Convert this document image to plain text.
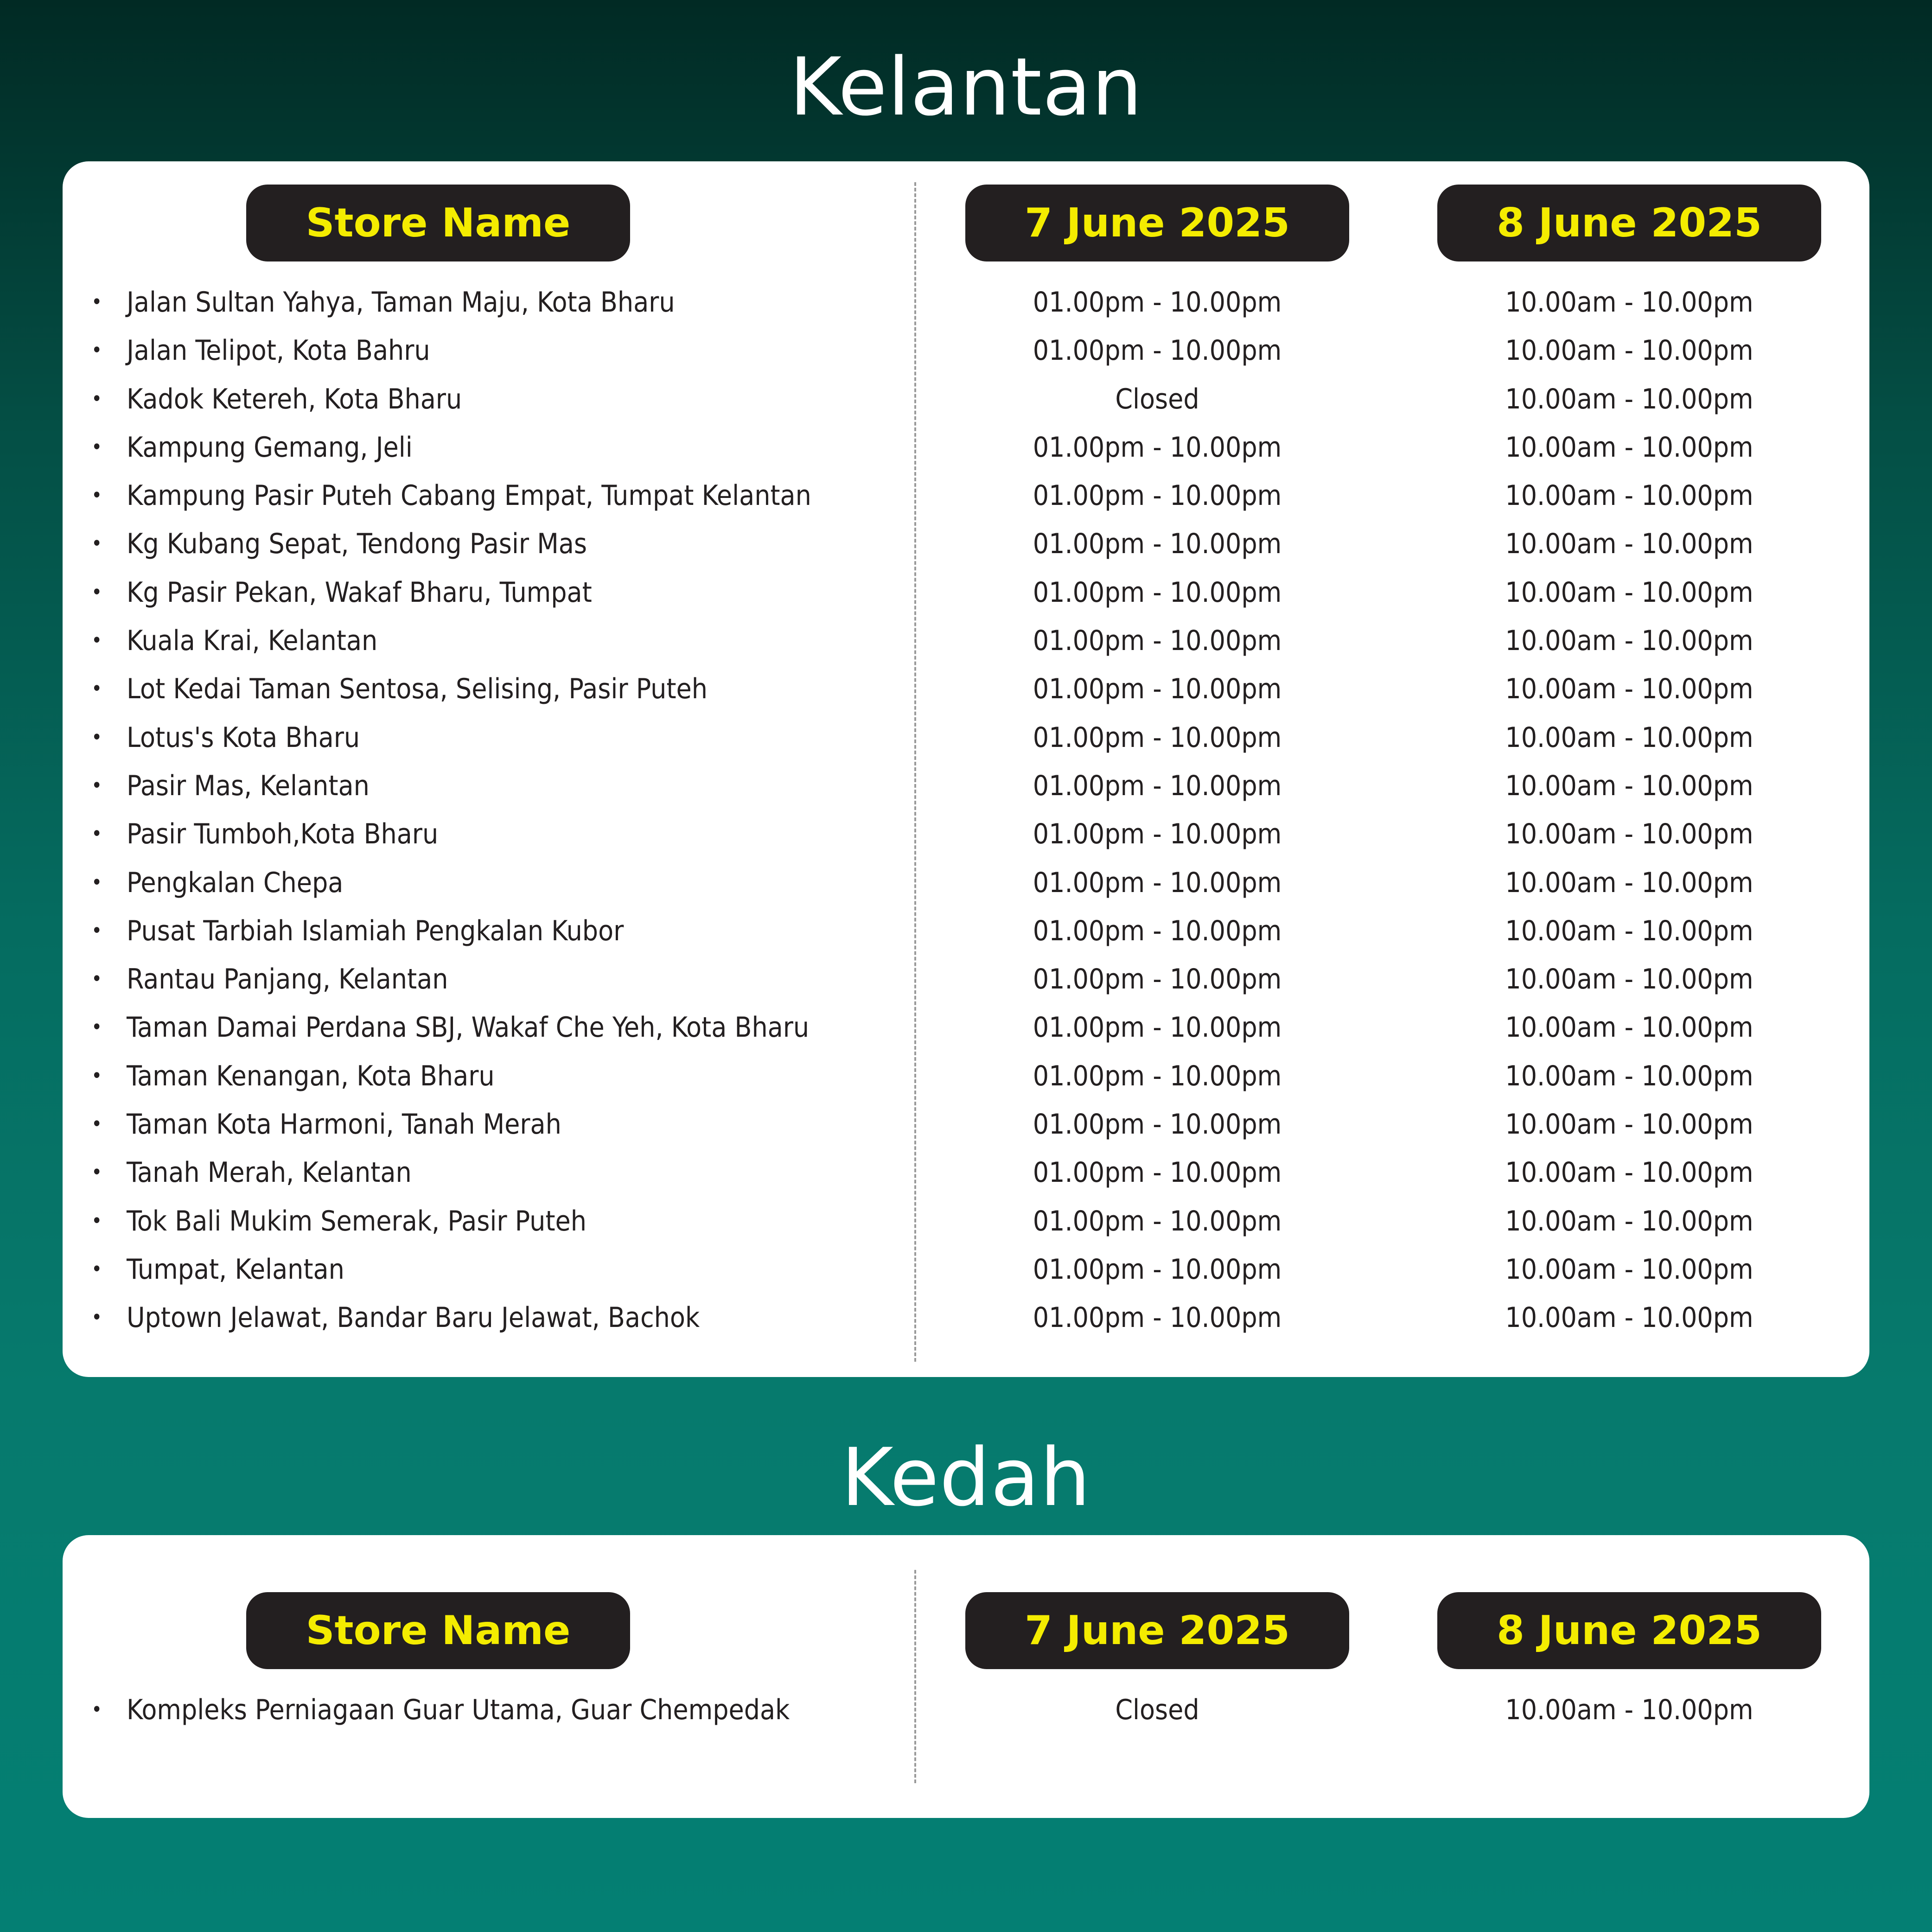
Kelantan
Store Name	7 June 2025	8 June 2025
• Jalan Sultan Yahya, Taman Maju, Kota Bharu	01.00pm - 10.00pm	10.00am - 10.00pm
• Jalan Telipot, Kota Bahru	01.00pm - 10.00pm	10.00am - 10.00pm
• Kadok Ketereh, Kota Bharu	Closed	10.00am - 10.00pm
• Kampung Gemang, Jeli	01.00pm - 10.00pm	10.00am - 10.00pm
• Kampung Pasir Puteh Cabang Empat, Tumpat Kelantan	01.00pm - 10.00pm	10.00am - 10.00pm
• Kg Kubang Sepat, Tendong Pasir Mas	01.00pm - 10.00pm	10.00am - 10.00pm
• Kg Pasir Pekan, Wakaf Bharu, Tumpat	01.00pm - 10.00pm	10.00am - 10.00pm
• Kuala Krai, Kelantan	01.00pm - 10.00pm	10.00am - 10.00pm
• Lot Kedai Taman Sentosa, Selising, Pasir Puteh	01.00pm - 10.00pm	10.00am - 10.00pm
• Lotus's Kota Bharu	01.00pm - 10.00pm	10.00am - 10.00pm
• Pasir Mas, Kelantan	01.00pm - 10.00pm	10.00am - 10.00pm
• Pasir Tumboh,Kota Bharu	01.00pm - 10.00pm	10.00am - 10.00pm
• Pengkalan Chepa	01.00pm - 10.00pm	10.00am - 10.00pm
• Pusat Tarbiah Islamiah Pengkalan Kubor	01.00pm - 10.00pm	10.00am - 10.00pm
• Rantau Panjang, Kelantan	01.00pm - 10.00pm	10.00am - 10.00pm
• Taman Damai Perdana SBJ, Wakaf Che Yeh, Kota Bharu	01.00pm - 10.00pm	10.00am - 10.00pm
• Taman Kenangan, Kota Bharu	01.00pm - 10.00pm	10.00am - 10.00pm
• Taman Kota Harmoni, Tanah Merah	01.00pm - 10.00pm	10.00am - 10.00pm
• Tanah Merah, Kelantan	01.00pm - 10.00pm	10.00am - 10.00pm
• Tok Bali Mukim Semerak, Pasir Puteh	01.00pm - 10.00pm	10.00am - 10.00pm
• Tumpat, Kelantan	01.00pm - 10.00pm	10.00am - 10.00pm
• Uptown Jelawat, Bandar Baru Jelawat, Bachok	01.00pm - 10.00pm	10.00am - 10.00pm
Kedah
Store Name	7 June 2025	8 June 2025
• Kompleks Perniagaan Guar Utama, Guar Chempedak	Closed	10.00am - 10.00pm
